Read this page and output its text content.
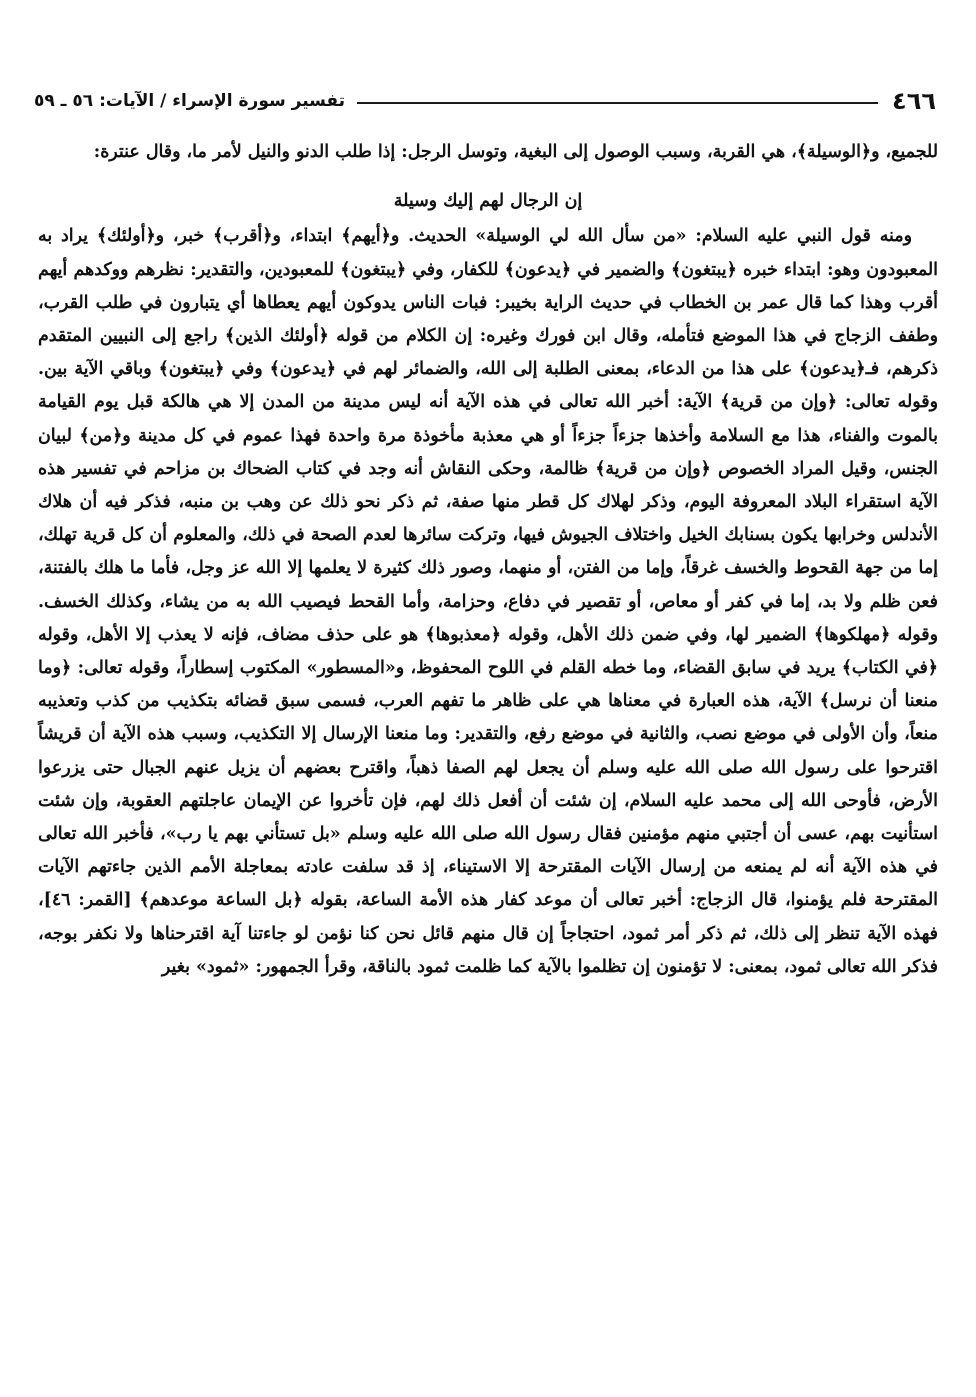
٤٦٦
تفسير سورة الإسراء / الآيات: ٥٦ ـ ٥٩

للجميع، و﴿الوسيلة﴾، هي القربة، وسبب الوصول إلى البغية، وتوسل الرجل: إذا طلب الدنو والنيل لأمر ما، وقال عنترة:

إن الرجال لهم إليك وسيلة

ومنه قول النبي عليه السلام: «من سأل الله لي الوسيلة» الحديث. و﴿أيهم﴾ ابتداء، و﴿أقرب﴾ خبر، و﴿أولئك﴾ يراد به المعبودون وهو: ابتداء خبره ﴿يبتغون﴾ والضمير في ﴿يدعون﴾ للكفار، وفي ﴿يبتغون﴾ للمعبودين، والتقدير: نظرهم ووكدهم أيهم أقرب وهذا كما قال عمر بن الخطاب في حديث الراية بخيبر: فبات الناس يدوكون أيهم يعطاها أي يتبارون في طلب القرب، وطفف الزجاج في هذا الموضع فتأمله، وقال ابن فورك وغيره: إن الكلام من قوله ﴿أولئك الذين﴾ راجع إلى النبيين المتقدم ذكرهم، فـ﴿يدعون﴾ على هذا من الدعاء، بمعنى الطلبة إلى الله، والضمائر لهم في ﴿يدعون﴾ وفي ﴿يبتغون﴾ وباقي الآية بين. وقوله تعالى: ﴿وإن من قرية﴾ الآية: أخبر الله تعالى في هذه الآية أنه ليس مدينة من المدن إلا هي هالكة قبل يوم القيامة بالموت والفناء، هذا مع السلامة وأخذها جزءاً جزءاً أو هي معذبة مأخوذة مرة واحدة فهذا عموم في كل مدينة و﴿من﴾ لبيان الجنس، وقيل المراد الخصوص ﴿وإن من قرية﴾ ظالمة، وحكى النقاش أنه وجد في كتاب الضحاك بن مزاحم في تفسير هذه الآية استقراء البلاد المعروفة اليوم، وذكر لهلاك كل قطر منها صفة، ثم ذكر نحو ذلك عن وهب بن منبه، فذكر فيه أن هلاك الأندلس وخرابها يكون بسنابك الخيل واختلاف الجيوش فيها، وتركت سائرها لعدم الصحة في ذلك، والمعلوم أن كل قرية تهلك، إما من جهة القحوط والخسف غرقاً، وإما من الفتن، أو منهما، وصور ذلك كثيرة لا يعلمها إلا الله عز وجل، فأما ما هلك بالفتنة، فعن ظلم ولا بد، إما في كفر أو معاص، أو تقصير في دفاع، وحزامة، وأما القحط فيصيب الله به من يشاء، وكذلك الخسف. وقوله ﴿مهلكوها﴾ الضمير لها، وفي ضمن ذلك الأهل، وقوله ﴿معذبوها﴾ هو على حذف مضاف، فإنه لا يعذب إلا الأهل، وقوله ﴿في الكتاب﴾ يريد في سابق القضاء، وما خطه القلم في اللوح المحفوظ، و«المسطور» المكتوب إسطاراً، وقوله تعالى: ﴿وما منعنا أن نرسل﴾ الآية، هذه العبارة في معناها هي على ظاهر ما تفهم العرب، فسمى سبق قضائه بتكذيب من كذب وتعذيبه منعاً، وأن الأولى في موضع نصب، والثانية في موضع رفع، والتقدير: وما منعنا الإرسال إلا التكذيب، وسبب هذه الآية أن قريشاً اقترحوا على رسول الله صلى الله عليه وسلم أن يجعل لهم الصفا ذهباً، واقترح بعضهم أن يزيل عنهم الجبال حتى يزرعوا الأرض، فأوحى الله إلى محمد عليه السلام، إن شئت أن أفعل ذلك لهم، فإن تأخروا عن الإيمان عاجلتهم العقوبة، وإن شئت استأنيت بهم، عسى أن أجتبي منهم مؤمنين فقال رسول الله صلى الله عليه وسلم «بل تستأني بهم يا رب»، فأخبر الله تعالى في هذه الآية أنه لم يمنعه من إرسال الآيات المقترحة إلا الاستيناء، إذ قد سلفت عادته بمعاجلة الأمم الذين جاءتهم الآيات المقترحة فلم يؤمنوا، قال الزجاج: أخبر تعالى أن موعد كفار هذه الأمة الساعة، بقوله ﴿بل الساعة موعدهم﴾ [القمر: ٤٦]، فهذه الآية تنظر إلى ذلك، ثم ذكر أمر ثمود، احتجاجاً إن قال منهم قائل نحن كنا نؤمن لو جاءتنا آية اقترحناها ولا نكفر بوجه، فذكر الله تعالى ثمود، بمعنى: لا تؤمنون إن تظلموا بالآية كما ظلمت ثمود بالناقة، وقرأ الجمهور: «ثمود» بغير
